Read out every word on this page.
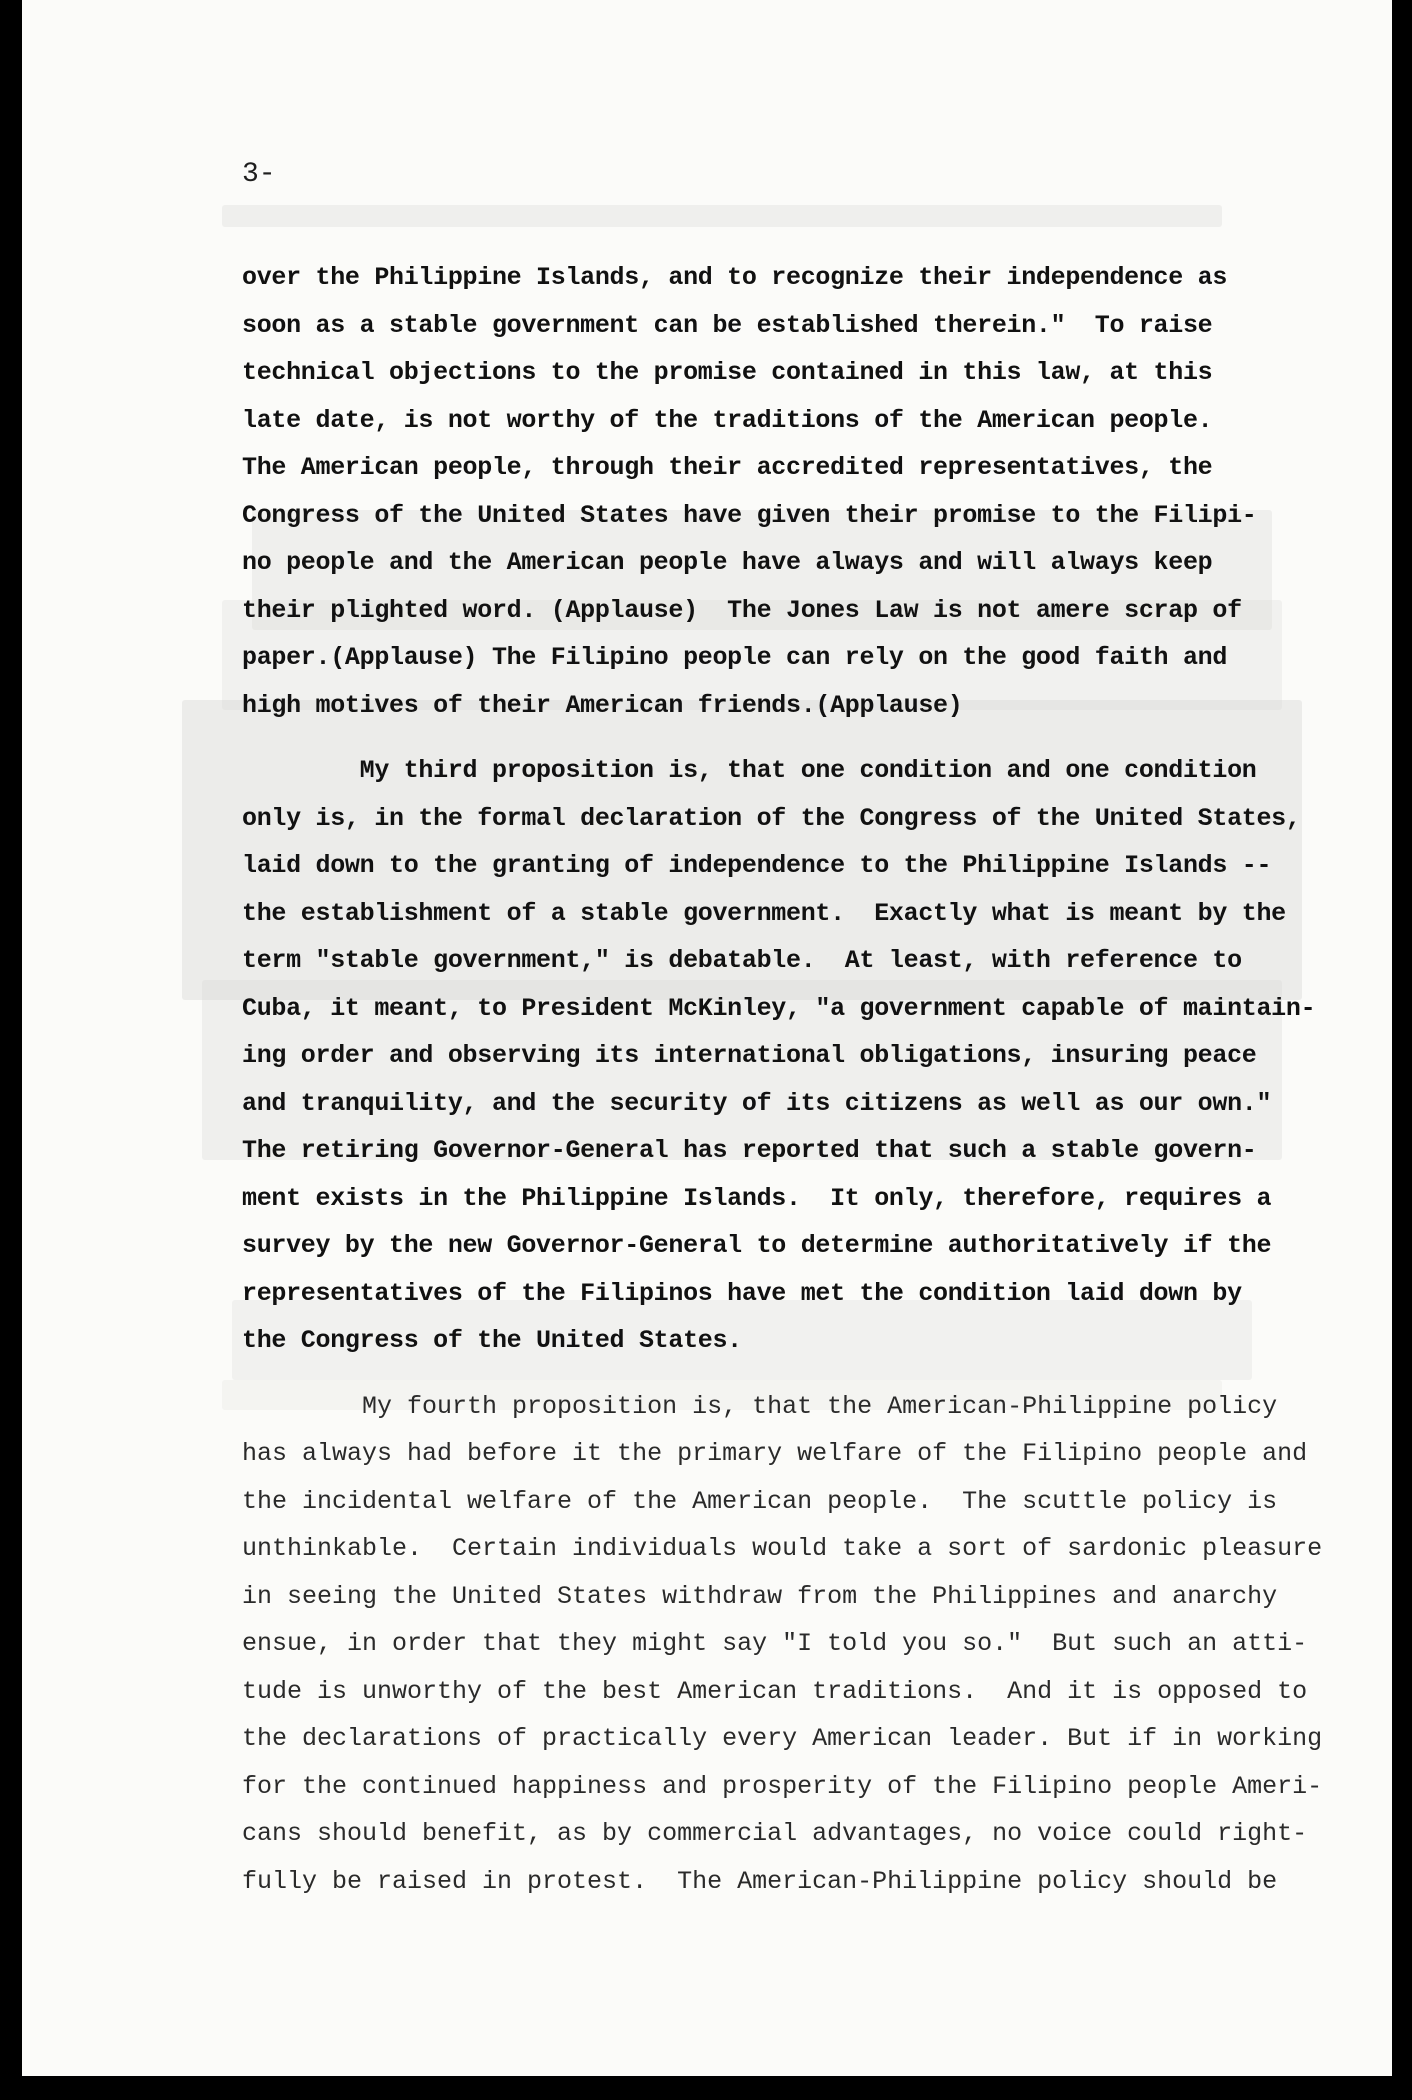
3-
over the Philippine Islands, and to recognize their independence as
soon as a stable government can be established therein."  To raise
technical objections to the promise contained in this law, at this
late date, is not worthy of the traditions of the American people.
The American people, through their accredited representatives, the
Congress of the United States have given their promise to the Filipi-
no people and the American people have always and will always keep
their plighted word. (Applause)  The Jones Law is not amere scrap of
paper.(Applause) The Filipino people can rely on the good faith and
high motives of their American friends.(Applause)
My third proposition is, that one condition and one condition
only is, in the formal declaration of the Congress of the United States,
laid down to the granting of independence to the Philippine Islands --
the establishment of a stable government.  Exactly what is meant by the
term "stable government," is debatable.  At least, with reference to
Cuba, it meant, to President McKinley, "a government capable of maintain-
ing order and observing its international obligations, insuring peace
and tranquility, and the security of its citizens as well as our own."
The retiring Governor-General has reported that such a stable govern-
ment exists in the Philippine Islands.  It only, therefore, requires a
survey by the new Governor-General to determine authoritatively if the
representatives of the Filipinos have met the condition laid down by
the Congress of the United States.
My fourth proposition is, that the American-Philippine policy
has always had before it the primary welfare of the Filipino people and
the incidental welfare of the American people.  The scuttle policy is
unthinkable.  Certain individuals would take a sort of sardonic pleasure
in seeing the United States withdraw from the Philippines and anarchy
ensue, in order that they might say "I told you so."  But such an atti-
tude is unworthy of the best American traditions.  And it is opposed to
the declarations of practically every American leader. But if in working
for the continued happiness and prosperity of the Filipino people Ameri-
cans should benefit, as by commercial advantages, no voice could right-
fully be raised in protest.  The American-Philippine policy should be
